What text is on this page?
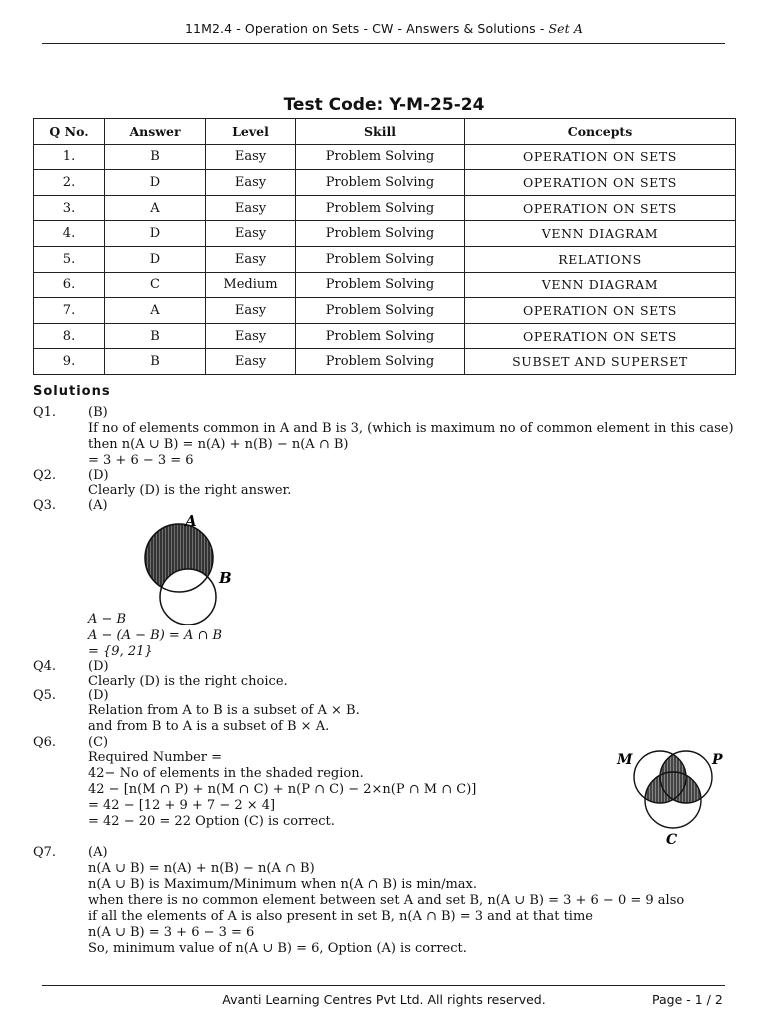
11M2.4 - Operation on Sets - CW - Answers & Solutions - Set A
Test Code: Y-M-25-24
Q No.	Answer	Level	Skill	Concepts
1.	B	Easy	Problem Solving	OPERATION ON SETS
2.	D	Easy	Problem Solving	OPERATION ON SETS
3.	A	Easy	Problem Solving	OPERATION ON SETS
4.	D	Easy	Problem Solving	VENN DIAGRAM
5.	D	Easy	Problem Solving	RELATIONS
6.	C	Medium	Problem Solving	VENN DIAGRAM
7.	A	Easy	Problem Solving	OPERATION ON SETS
8.	B	Easy	Problem Solving	OPERATION ON SETS
9.	B	Easy	Problem Solving	SUBSET AND SUPERSET
Solutions
Q1. (B)
If no of elements common in A and B is 3, (which is maximum no of common element in this case)
then n(A ∪ B) = n(A) + n(B) − n(A ∩ B)
= 3 + 6 − 3 = 6
Q2. (D)
Clearly (D) is the right answer.
Q3. (A)
A
B
A − B
A − (A − B) = A ∩ B
= {9, 21}
Q4. (D)
Clearly (D) is the right choice.
Q5. (D)
Relation from A to B is a subset of A × B.
and from B to A is a subset of B × A.
Q6. (C)
Required Number =
42− No of elements in the shaded region.
42 − [n(M ∩ P) + n(M ∩ C) + n(P ∩ C) − 2×n(P ∩ M ∩ C)]
= 42 − [12 + 9 + 7 − 2 × 4]
= 42 − 20 = 22 Option (C) is correct.
M	P
C
Q7. (A)
n(A ∪ B) = n(A) + n(B) − n(A ∩ B)
n(A ∪ B) is Maximum/Minimum when n(A ∩ B) is min/max.
when there is no common element between set A and set B, n(A ∪ B) = 3 + 6 − 0 = 9 also
if all the elements of A is also present in set B, n(A ∩ B) = 3 and at that time
n(A ∪ B) = 3 + 6 − 3 = 6
So, minimum value of n(A ∪ B) = 6, Option (A) is correct.
Avanti Learning Centres Pvt Ltd. All rights reserved.	Page - 1 / 2
